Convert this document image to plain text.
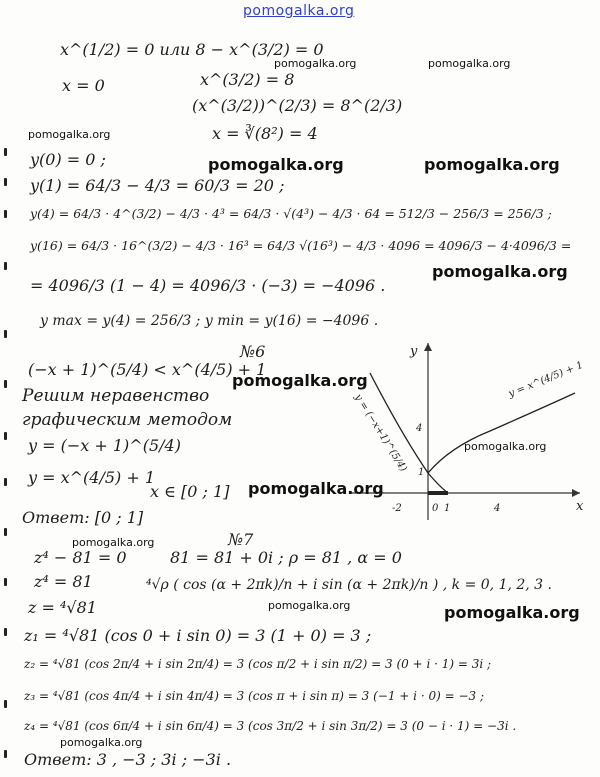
pomogalka.org
x^(1/2) = 0 или 8 − x^(3/2) = 0
x = 0	x^(3/2) = 8
(x^(3/2))^(2/3) = 8^(2/3)
x = ∛(8²) = 4
y(0) = 0 ;
y(1) = 64/3 − 4/3 = 60/3 = 20 ;
y(4) = 64/3 · 4^(3/2) − 4/3 · 4³ = 64/3 · √(4³) − 4/3 · 64 = 512/3 − 256/3 = 256/3 ;
y(16) = 64/3 · 16^(3/2) − 4/3 · 16³ = 64/3 √(16³) − 4/3 · 4096 = 4096/3 − 4·4096/3 =
= 4096/3 (1 − 4) = 4096/3 · (−3) = −4096 .
y max = y(4) = 256/3 ; y min = y(16) = −4096 .
№6
(−x + 1)^(5/4) < x^(4/5) + 1
Решим неравенство
графическим методом
y = (−x + 1)^(5/4)
y = x^(4/5) + 1
x ∈ [0 ; 1]
Ответ: [0 ; 1]
№7
z⁴ − 81 = 0	81 = 81 + 0i ; ρ = 81 , α = 0
z⁴ = 81	⁴√ρ ( cos (α + 2πk)/n + i sin (α + 2πk)/n ) , k = 0, 1, 2, 3 .
z = ⁴√81
z₁ = ⁴√81 (cos 0 + i sin 0) = 3 (1 + 0) = 3 ;
z₂ = ⁴√81 (cos 2π/4 + i sin 2π/4) = 3 (cos π/2 + i sin π/2) = 3 (0 + i · 1) = 3i ;
z₃ = ⁴√81 (cos 4π/4 + i sin 4π/4) = 3 (cos π + i sin π) = 3 (−1 + i · 0) = −3 ;
z₄ = ⁴√81 (cos 6π/4 + i sin 6π/4) = 3 (cos 3π/2 + i sin 3π/2) = 3 (0 − i · 1) = −3i .
Ответ: 3 , −3 ; 3i ; −3i .
x
y
y = (−x+1)^(5/4)
y = x^(4/5) + 1
-2	1	4
4
1
0
pomogalka.org	pomogalka.org
pomogalka.org
pomogalka.org	pomogalka.org
pomogalka.org
pomogalka.org
pomogalka.org
pomogalka.org
pomogalka.org
pomogalka.org	pomogalka.org
pomogalka.org
